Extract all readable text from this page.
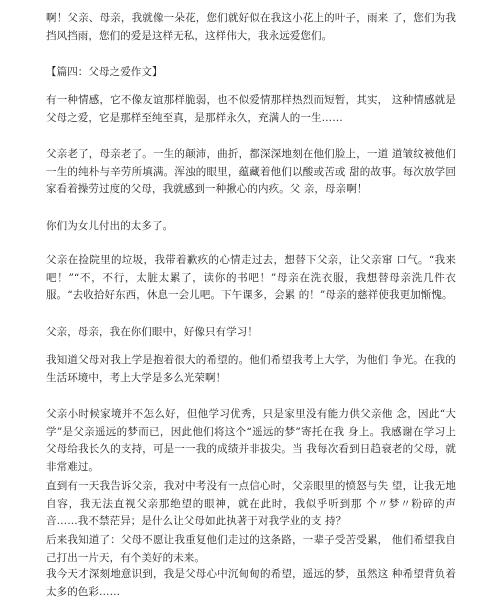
啊！父亲、母亲，我就像一朵花，您们就好似在我这小花上的叶子，雨来 了，您们为我挡风挡雨，您们的爱是这样无私，这样伟大，我永远爱您们。

【篇四：父母之爱作文】

有一种情感，它不像友谊那样脆弱，也不似爱情那样热烈而短暂，其实， 这种情感就是父母之爱，它是那样至纯至真，是那样永久，充满人的一生……

父亲老了，母亲老了。一生的颠沛，曲折，都深深地刻在他们脸上，一道 道皱纹被他们一生的纯朴与辛劳所填满。浑浊的眼里，蕴藏着他们以酸或苦或 甜的故事。每次放学回家看着操劳过度的父母，我就感到一种揪心的内疚。父 亲，母亲啊！

你们为女儿付出的太多了。

父亲在捡院里的垃圾，我带着歉疚的心情走过去，想替下父亲，让父亲窜 口气。“我来吧！”“不，不行，太脏太累了，读你的书吧！”母亲在洗衣服，我想替母亲洗几件衣服。“去收拾好东西，休息一会儿吧。下午课多，会累 的！”母亲的慈祥使我更加惭愧。

父亲，母亲，我在你们眼中，好像只有学习！

我知道父母对我上学是抱着很大的希望的。他们希望我考上大学，为他们 争光。在我的生活环境中，考上大学是多么光荣啊！

父亲小时候家境并不怎么好，但他学习优秀，只是家里没有能力供父亲他 念，因此“大学”是父亲遥远的梦而已，因此他们将这个“遥远的梦”寄托在我 身上。我感谢在学习上父母给我长久的支持，可是一一我的成绩并非拔尖。当 我每次看到日趋衰老的父母，就非常难过。

直到有一天我告诉父亲，我对中考没有一点信心时，父亲眼里的愤怒与失 望，让我无地自容，我无法直视父亲那绝望的眼神，就在此时，我似乎听到那 个〃梦〃粉碎的声音……我不禁茫异；是什么让父母如此执著于对我学业的支 持？

后来我知道了：父母不愿让我重复他们走过的这条路，一辈子受苦受累， 他们希望我自己打出一片天，有个美好的未来。

我今天才深刻地意识到，我是父母心中沉甸甸的希望，遥远的梦，虽然这 种希望背负着太多的色彩……
